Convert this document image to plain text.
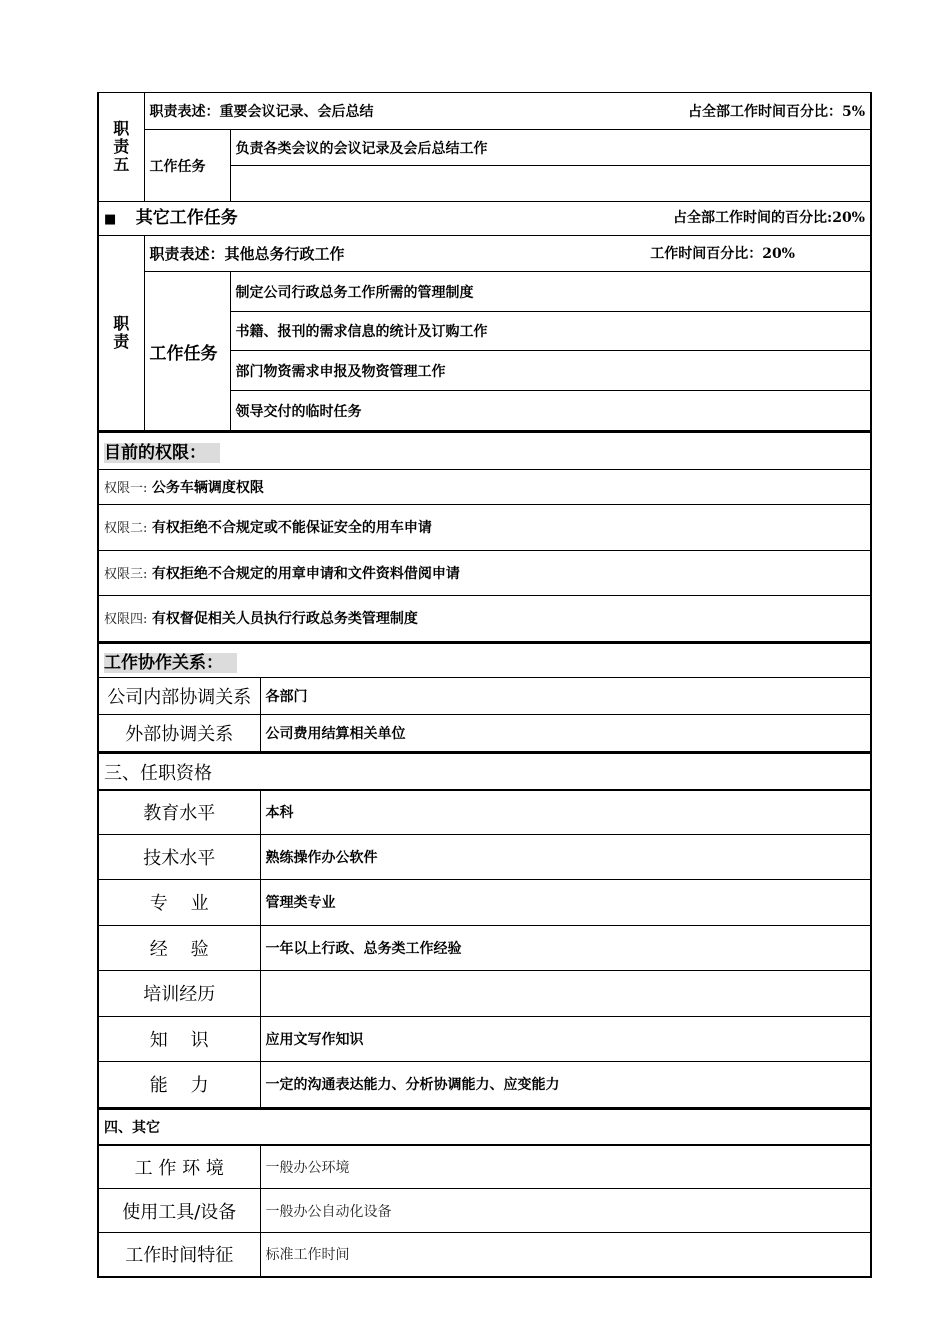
职责五	职责表述：重要会议记录、会后总结 占全部工作时间百分比：5%	

	工作任务	负责各类会议的会议记录及会后总结工作

■ 其它工作任务	占全部工作时间的百分比:20%
职责	职责表述：其他总务行政工作 工作时间百分比：20%	

	工作任务	制定公司行政总务工作所需的管理制度
		书籍、报刊的需求信息的统计及订购工作
		部门物资需求申报及物资管理工作
		领导交付的临时任务
目前的权限：
权限一: 公务车辆调度权限
权限二: 有权拒绝不合规定或不能保证安全的用车申请
权限三: 有权拒绝不合规定的用章申请和文件资料借阅申请
权限四: 有权督促相关人员执行行政总务类管理制度
工作协作关系：	
公司内部协调关系	各部门
外部协调关系	公司费用结算相关单位
三、任职资格	
教育水平	本科
技术水平	熟练操作办公软件
专    业	管理类专业
经    验	一年以上行政、总务类工作经验
培训经历	
知    识	应用文写作知识
能    力	一定的沟通表达能力、分析协调能力、应变能力
四、其它	
工 作 环 境	一般办公环境
使用工具/设备	一般办公自动化设备
工作时间特征	标准工作时间
